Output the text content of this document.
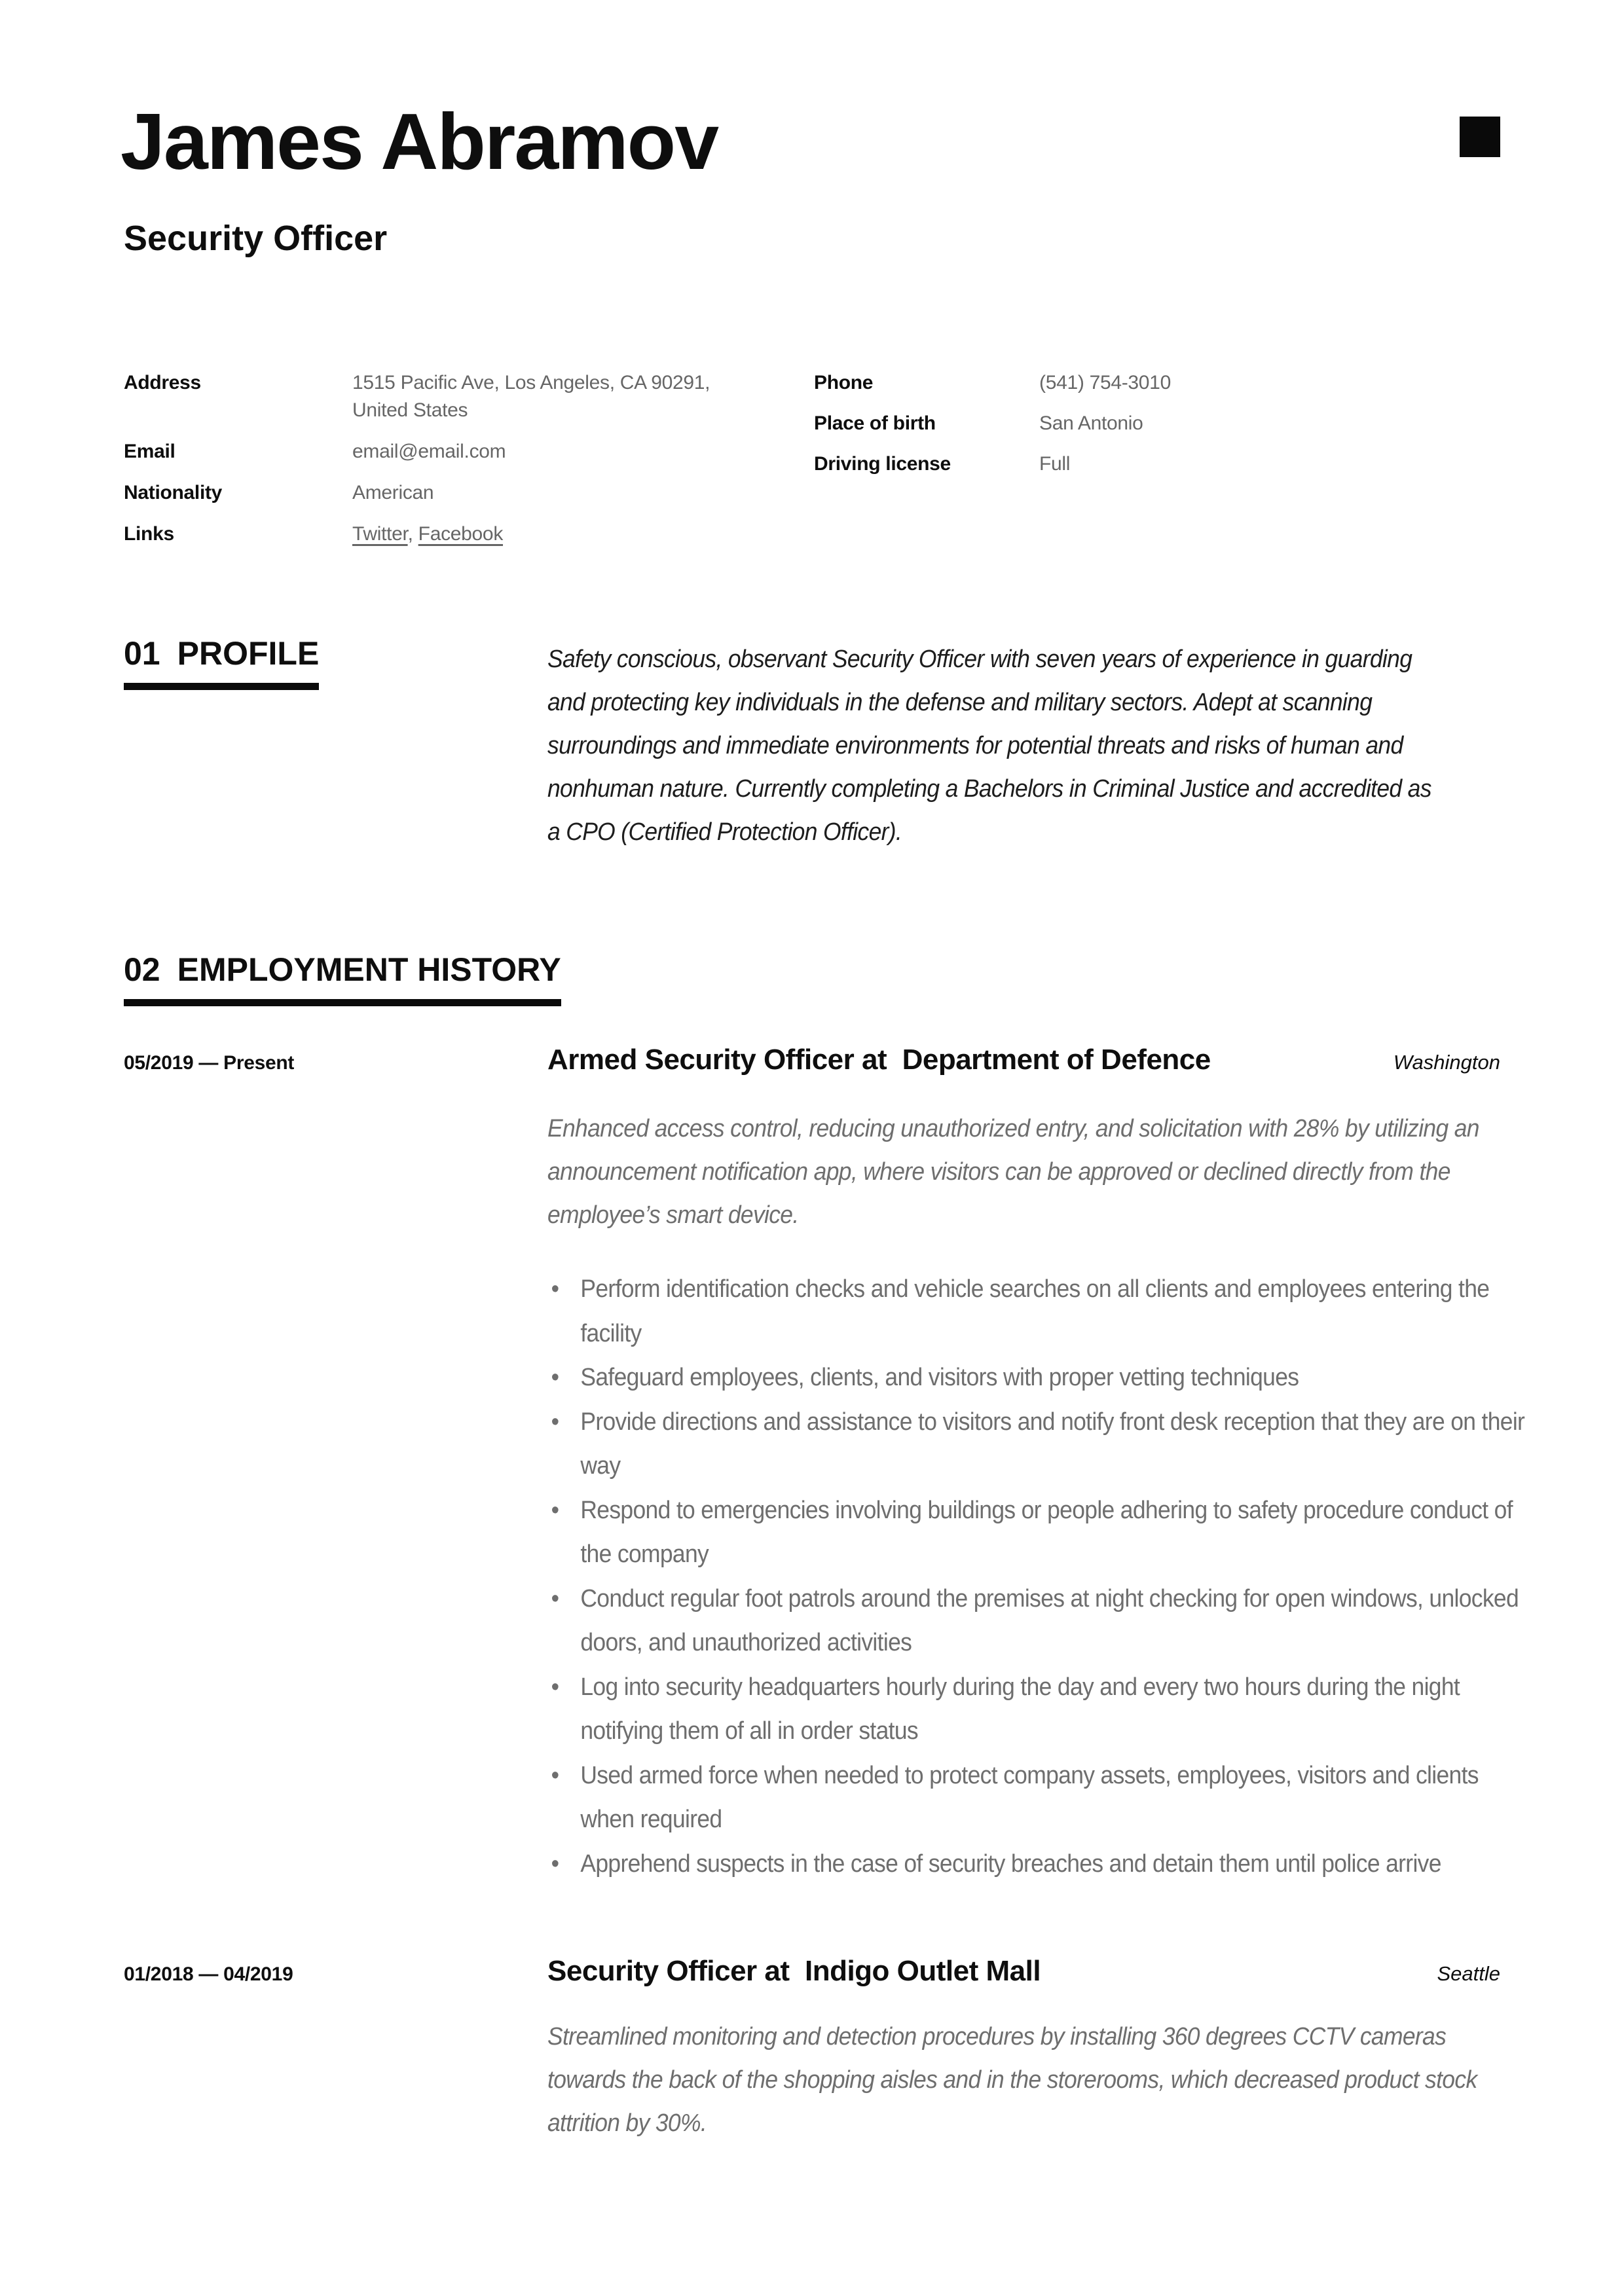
James Abramov
Security Officer
Address	1515 Pacific Ave, Los Angeles, CA 90291, United States
Email	email@email.com
Nationality	American
Links	Twitter, Facebook
Phone	(541) 754-3010
Place of birth	San Antonio
Driving license	Full
01 PROFILE	Safety conscious, observant Security Officer with seven years of experience in guarding and protecting key individuals in the defense and military sectors. Adept at scanning surroundings and immediate environments for potential threats and risks of human and nonhuman nature. Currently completing a Bachelors in Criminal Justice and accredited as a CPO (Certified Protection Officer).
02 EMPLOYMENT HISTORY
05/2019 — Present	Armed Security Officer at  Department of Defence	Washington
Enhanced access control, reducing unauthorized entry, and solicitation with 28% by utilizing an announcement notification app, where visitors can be approved or declined directly from the employee’s smart device.
• Perform identification checks and vehicle searches on all clients and employees entering the facility
• Safeguard employees, clients, and visitors with proper vetting techniques
• Provide directions and assistance to visitors and notify front desk reception that they are on their way
• Respond to emergencies involving buildings or people adhering to safety procedure conduct of the company
• Conduct regular foot patrols around the premises at night checking for open windows, unlocked doors, and unauthorized activities
• Log into security headquarters hourly during the day and every two hours during the night notifying them of all in order status
• Used armed force when needed to protect company assets, employees, visitors and clients when required
• Apprehend suspects in the case of security breaches and detain them until police arrive
01/2018 — 04/2019	Security Officer at  Indigo Outlet Mall	Seattle
Streamlined monitoring and detection procedures by installing 360 degrees CCTV cameras towards the back of the shopping aisles and in the storerooms, which decreased product stock attrition by 30%.
